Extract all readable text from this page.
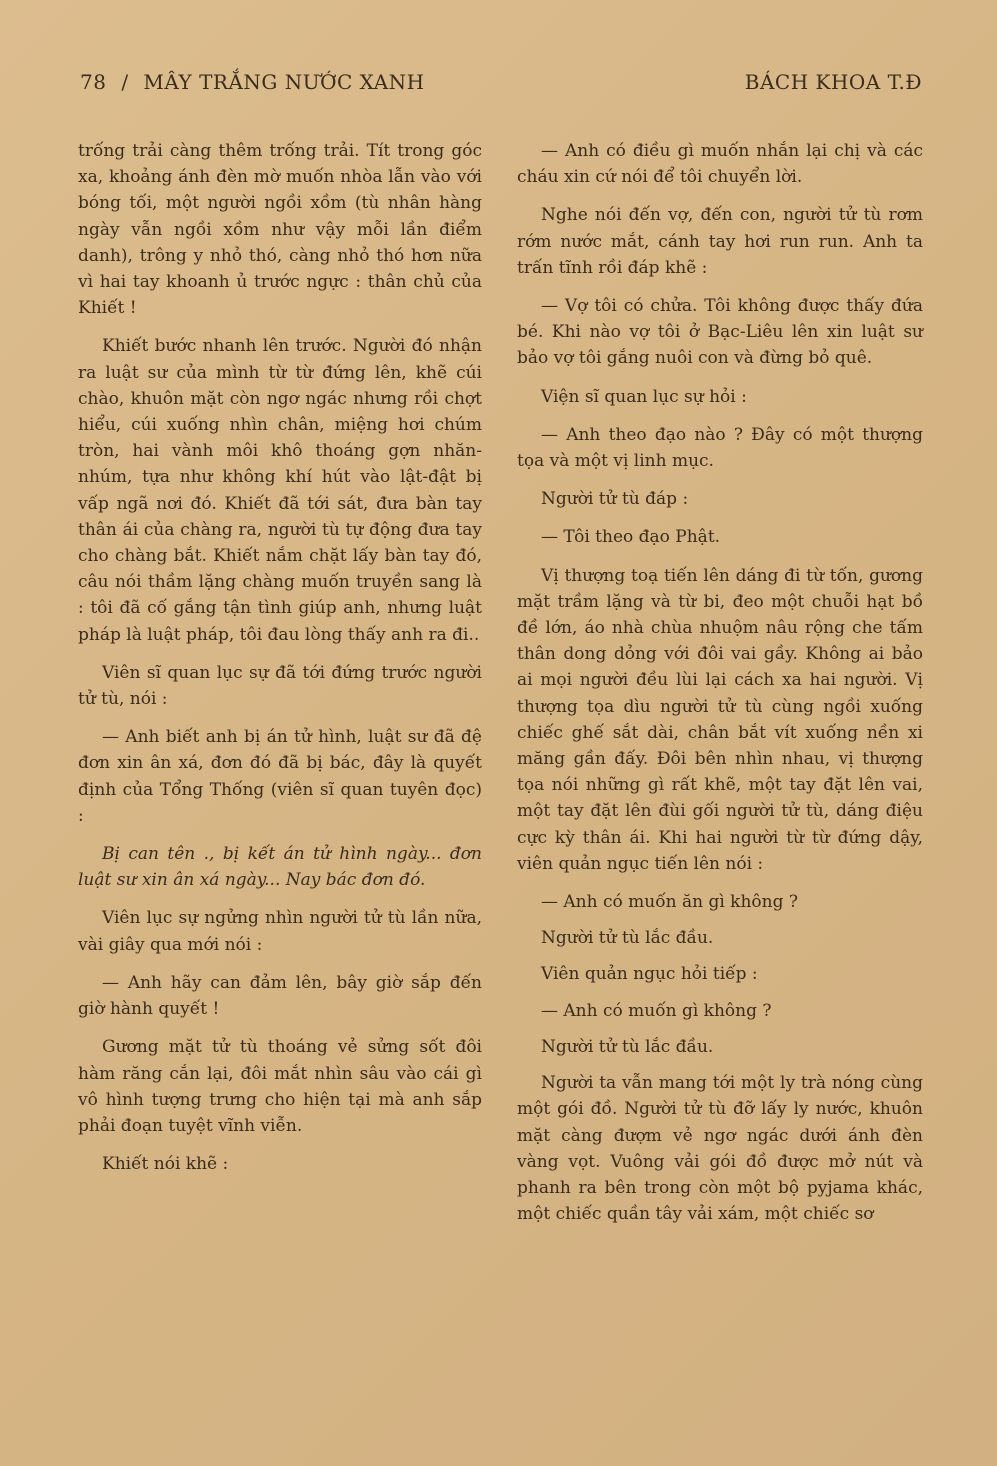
78 / MÂY TRẮNG NƯỚC XANH	BÁCH KHOA T.Đ

trống trải càng thêm trống trải. Tít trong góc xa, khoảng ánh đèn mờ muốn nhòa lẫn vào với bóng tối, một người ngồi xồm (tù nhân hàng ngày vẫn ngồi xồm như vậy mỗi lần điểm danh), trông y nhỏ thó, càng nhỏ thó hơn nữa vì hai tay khoanh ủ trước ngực : thân chủ của Khiết !

Khiết bước nhanh lên trước. Người đó nhận ra luật sư của mình từ từ đứng lên, khẽ cúi chào, khuôn mặt còn ngơ ngác nhưng rồi chợt hiểu, cúi xuống nhìn chân, miệng hơi chúm tròn, hai vành môi khô thoáng gợn nhăn-nhúm, tựa như không khí hút vào lật-đật bị vấp ngã nơi đó. Khiết đã tới sát, đưa bàn tay thân ái của chàng ra, người tù tự động đưa tay cho chàng bắt. Khiết nắm chặt lấy bàn tay đó, câu nói thầm lặng chàng muốn truyền sang là : tôi đã cố gắng tận tình giúp anh, nhưng luật pháp là luật pháp, tôi đau lòng thấy anh ra đi..

Viên sĩ quan lục sự đã tới đứng trước người tử tù, nói :

— Anh biết anh bị án tử hình, luật sư đã đệ đơn xin ân xá, đơn đó đã bị bác, đây là quyết định của Tổng Thống (viên sĩ quan tuyên đọc) :

Bị can tên ., bị kết án tử hình ngày... đơn luật sư xin ân xá ngày... Nay bác đơn đó.

Viên lục sự ngửng nhìn người tử tù lần nữa, vài giây qua mới nói :

— Anh hãy can đảm lên, bây giờ sắp đến giờ hành quyết !

Gương mặt tử tù thoáng vẻ sửng sốt đôi hàm răng cắn lại, đôi mắt nhìn sâu vào cái gì vô hình tượng trưng cho hiện tại mà anh sắp phải đoạn tuyệt vĩnh viễn.

Khiết nói khẽ :

— Anh có điều gì muốn nhắn lại chị và các cháu xin cứ nói để tôi chuyển lời.

Nghe nói đến vợ, đến con, người tử tù rơm rớm nước mắt, cánh tay hơi run run. Anh ta trấn tĩnh rồi đáp khẽ :

— Vợ tôi có chửa. Tôi không được thấy đứa bé. Khi nào vợ tôi ở Bạc-Liêu lên xin luật sư bảo vợ tôi gắng nuôi con và đừng bỏ quê.

Viện sĩ quan lục sự hỏi :

— Anh theo đạo nào ? Đây có một thượng tọa và một vị linh mục.

Người tử tù đáp :

— Tôi theo đạo Phật.

Vị thượng toạ tiến lên dáng đi từ tốn, gương mặt trầm lặng và từ bi, đeo một chuỗi hạt bồ đề lớn, áo nhà chùa nhuộm nâu rộng che tấm thân dong dỏng với đôi vai gầy. Không ai bảo ai mọi người đều lùi lại cách xa hai người. Vị thượng tọa dìu người tử tù cùng ngồi xuống chiếc ghế sắt dài, chân bắt vít xuống nền xi măng gần đấy. Đôi bên nhìn nhau, vị thượng tọa nói những gì rất khẽ, một tay đặt lên vai, một tay đặt lên đùi gối người tử tù, dáng điệu cực kỳ thân ái. Khi hai người từ từ đứng dậy, viên quản ngục tiến lên nói :

— Anh có muốn ăn gì không ?

Người tử tù lắc đầu.

Viên quản ngục hỏi tiếp :

— Anh có muốn gì không ?

Người tử tù lắc đầu.

Người ta vẫn mang tới một ly trà nóng cùng một gói đồ. Người tử tù đỡ lấy ly nước, khuôn mặt càng đượm vẻ ngơ ngác dưới ánh đèn vàng vọt. Vuông vải gói đồ được mở nút và phanh ra bên trong còn một bộ pyjama khác, một chiếc quần tây vải xám, một chiếc sơ
